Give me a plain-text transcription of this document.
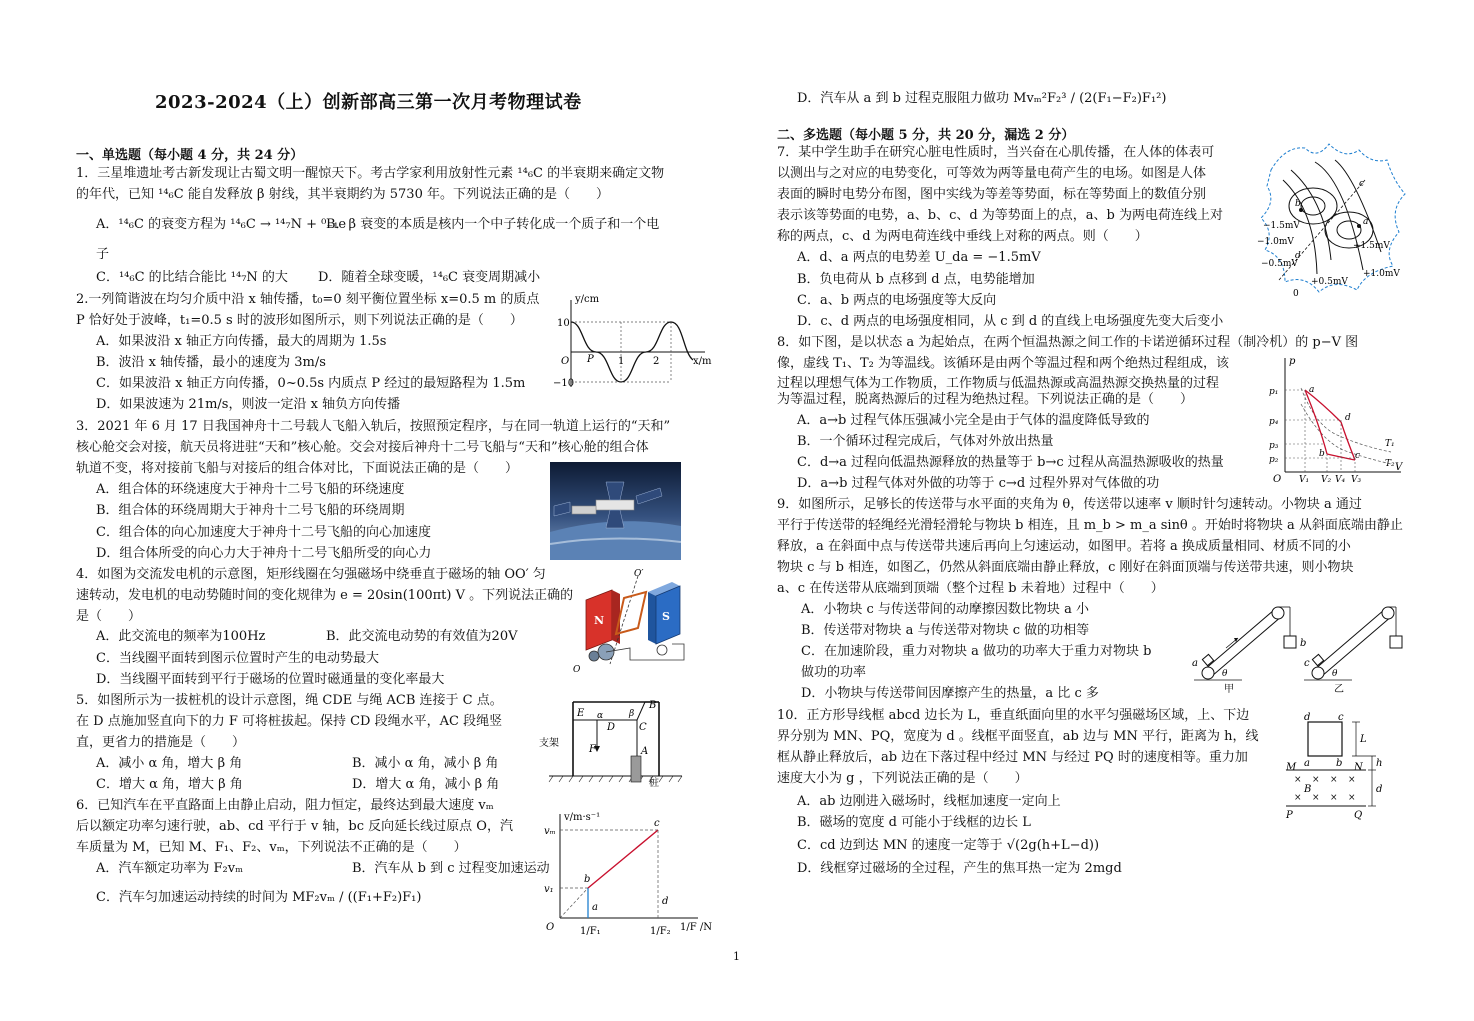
2023-2024（上）创新部高三第一次月考物理试卷
一、单选题（每小题 4 分，共 24 分）
1．三星堆遗址考古新发现让古蜀文明一醒惊天下。考古学家利用放射性元素 ¹⁴₆C 的半衰期来确定文物
的年代，已知 ¹⁴₆C 能自发释放 β 射线，其半衰期约为 5730 年。下列说法正确的是（　　）
A．¹⁴₆C 的衰变方程为 ¹⁴₆C → ¹⁴₇N + ⁰₋₁e
B．β 衰变的本质是核内一个中子转化成一个质子和一个电
子
C．¹⁴₆C 的比结合能比 ¹⁴₇N 的大 D．随着全球变暖，¹⁴₆C 衰变周期减小
2.一列简谐波在均匀介质中沿 x 轴传播，t₀=0 刻平衡位置坐标 x=0.5 m 的质点
P 恰好处于波峰，t₁=0.5 s 时的波形如图所示，则下列说法正确的是（　　）
A．如果波沿 x 轴正方向传播，最大的周期为 1.5s
B．波沿 x 轴传播，最小的速度为 3m/s
C．如果波沿 x 轴正方向传播，0~0.5s 内质点 P 经过的最短路程为 1.5m
D．如果波速为 21m/s，则波一定沿 x 轴负方向传播
y/cm
x/m
10
−10
O P 1	2
3．2021 年 6 月 17 日我国神舟十二号载人飞船入轨后，按照预定程序，与在同一轨道上运行的“天和”
核心舱交会对接，航天员将进驻“天和”核心舱。交会对接后神舟十二号飞船与“天和”核心舱的组合体
轨道不变，将对接前飞船与对接后的组合体对比，下面说法正确的是（　　）
A．组合体的环绕速度大于神舟十二号飞船的环绕速度
B．组合体的环绕周期大于神舟十二号飞船的环绕周期
C．组合体的向心加速度大于神舟十二号飞船的向心加速度
D．组合体所受的向心力大于神舟十二号飞船所受的向心力
4．如图为交流发电机的示意图，矩形线圈在匀强磁场中绕垂直于磁场的轴 OO′ 匀
速转动，发电机的电动势随时间的变化规律为 e = 20sin(100πt) V 。下列说法正确的
是（　　）
A．此交流电的频率为100Hz	B．此交流电动势的有效值为20V
C．当线圈平面转到图示位置时产生的电动势最大
D．当线圈平面转到平行于磁场的位置时磁通量的变化率最大
N	S
O
O′
5．如图所示为一拔桩机的设计示意图，绳 CDE 与绳 ACB 连接于 C 点。
在 D 点施加竖直向下的力 F 可将桩拔起。保持 CD 段绳水平，AC 段绳竖
直，更省力的措施是（　　）
A．减小 α 角，增大 β 角	B．减小 α 角，减小 β 角
C．增大 α 角，增大 β 角	D．增大 α 角，减小 β 角
E α
D
β
C
B
A
F
支架
桩
6．已知汽车在平直路面上由静止启动，阻力恒定，最终达到最大速度 vₘ
后以额定功率匀速行驶，ab、cd 平行于 v 轴，bc 反向延长线过原点 O，汽
车质量为 M，已知 M、F₁、F₂、vₘ，下列说法不正确的是（　　）
A．汽车额定功率为 F₂vₘ	B．汽车从 b 到 c 过程变加速运动
C．汽车匀加速运动持续的时间为 MF₂vₘ / ((F₁+F₂)F₁)
v/m·s⁻¹
1/F /N
vₘ
v₁
O
a
b
c
d
1/F₁	1/F₂
D．汽车从 a 到 b 过程克服阻力做功 Mvₘ²F₂³ / (2(F₁−F₂)F₁²)
二、多选题（每小题 5 分，共 20 分，漏选 2 分）
7．某中学生助手在研究心脏电性质时，当兴奋在心肌传播，在人体的体表可
以测出与之对应的电势变化，可等效为两等量电荷产生的电场。如图是人体
表面的瞬时电势分布图，图中实线为等差等势面，标在等势面上的数值分别
表示该等势面的电势，a、b、c、d 为等势面上的点，a、b 为两电荷连线上对
称的两点，c、d 为两电荷连线中垂线上对称的两点。则（　　）
A．d、a 两点的电势差 U_da = −1.5mV
B．负电荷从 b 点移到 d 点，电势能增加
C．a、b 两点的电场强度等大反向
D．c、d 两点的电场强度相同，从 c 到 d 的直线上电场强度先变大后变小
−1.5mV
−1.0mV
−0.5mV
+1.5mV
+1.0mV
+0.5mV
0
b
a
c
d
8．如下图，是以状态 a 为起始点，在两个恒温热源之间工作的卡诺逆循环过程（制冷机）的 p−V 图
像，虚线 T₁、T₂ 为等温线。该循环是由两个等温过程和两个绝热过程组成，该
过程以理想气体为工作物质，工作物质与低温热源或高温热源交换热量的过程
为等温过程，脱离热源后的过程为绝热过程。下列说法正确的是（　　）
A．a→b 过程气体压强减小完全是由于气体的温度降低导致的
B．一个循环过程完成后，气体对外放出热量
C．d→a 过程向低温热源释放的热量等于 b→c 过程从高温热源吸收的热量
D．a→b 过程气体对外做的功等于 c→d 过程外界对气体做的功
p
V
O
p₁
p₄
p₃
p₂
V₁ V₂ V₄ V₃
T₁
T₂
a
b	c
d
9．如图所示，足够长的传送带与水平面的夹角为 θ，传送带以速率 v 顺时针匀速转动。小物块 a 通过
平行于传送带的轻绳经光滑轻滑轮与物块 b 相连，且 m_b > m_a sinθ 。开始时将物块 a 从斜面底端由静止
释放，a 在斜面中点与传送带共速后再向上匀速运动，如图甲。若将 a 换成质量相同、材质不同的小
物块 c 与 b 相连，如图乙，仍然从斜面底端由静止释放，c 刚好在斜面顶端与传送带共速，则小物块
a、c 在传送带从底端到顶端（整个过程 b 未着地）过程中（　　）
A．小物块 c 与传送带间的动摩擦因数比物块 a 小
B．传送带对物块 a 与传送带对物块 c 做的功相等
C．在加速阶段，重力对物块 a 做功的功率大于重力对物块 b
做功的功率
D．小物块与传送带间因摩擦产生的热量，a 比 c 多
a
b
θ
甲
c
θ
乙
10．正方形导线框 abcd 边长为 L，垂直纸面向里的水平匀强磁场区域，上、下边
界分别为 MN、PQ，宽度为 d 。线框平面竖直，ab 边与 MN 平行，距离为 h，线
框从静止释放后，ab 边在下落过程中经过 MN 与经过 PQ 时的速度相等。重力加
速度大小为 g ，下列说法正确的是（　　）
A．ab 边刚进入磁场时，线框加速度一定向上
B．磁场的宽度 d 可能小于线框的边长 L
C．cd 边到达 MN 的速度一定等于 √(2g(h+L−d))
D．线框穿过磁场的全过程，产生的焦耳热一定为 2mgd
× × × ×
× × × ×
d	c
a	b
L
h
M	N
B	d
P	Q
1
